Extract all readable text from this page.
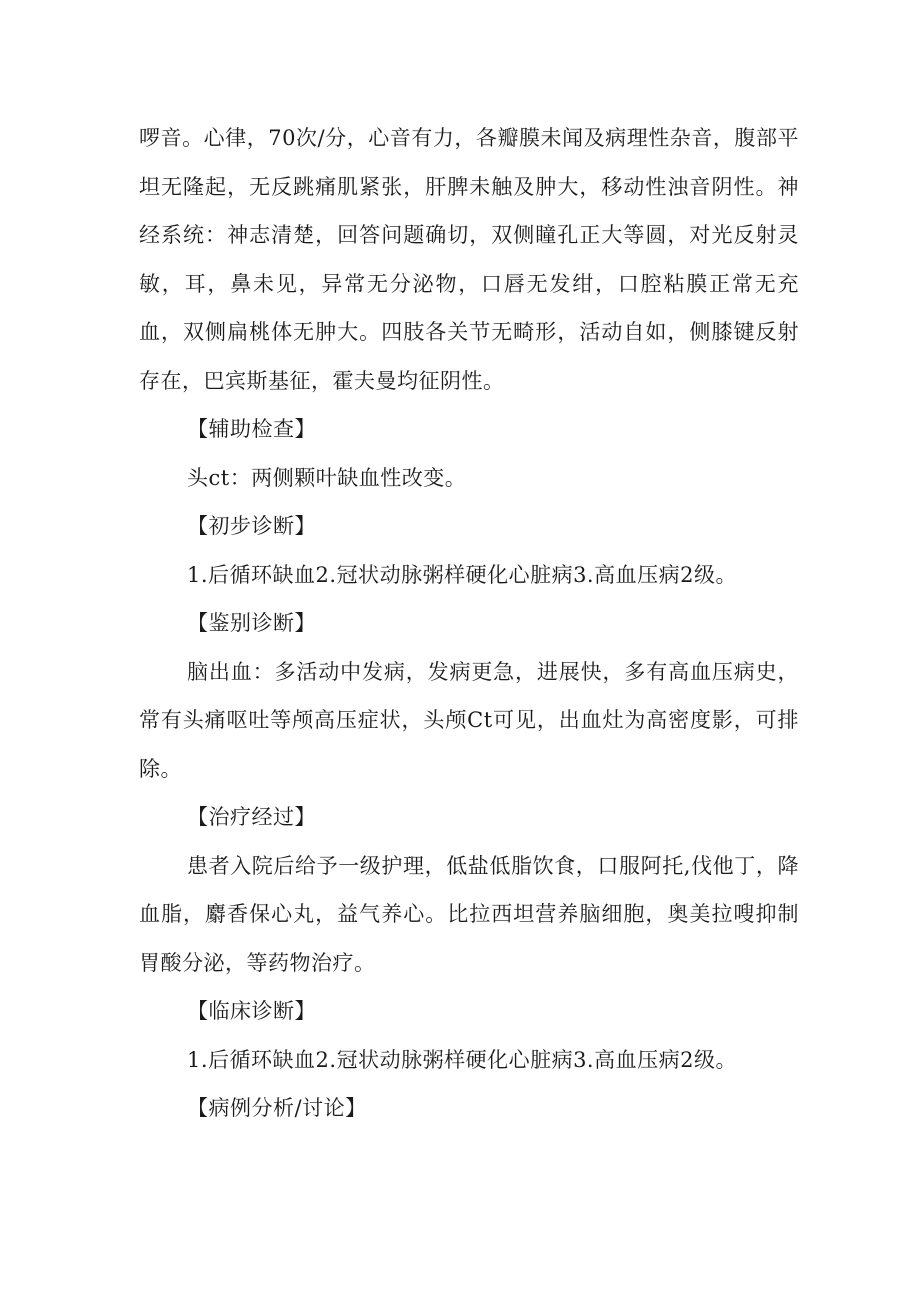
啰音。心律，70次/分，心音有力，各瓣膜未闻及病理性杂音，腹部平坦无隆起，无反跳痛肌紧张，肝脾未触及肿大，移动性浊音阴性。神经系统：神志清楚，回答问题确切，双侧瞳孔正大等圆，对光反射灵敏，耳，鼻未见，异常无分泌物，口唇无发绀，口腔粘膜正常无充血，双侧扁桃体无肿大。四肢各关节无畸形，活动自如，侧膝键反射存在，巴宾斯基征，霍夫曼均征阴性。

【辅助检查】

头ct：两侧颗叶缺血性改变。

【初步诊断】

1.后循环缺血2.冠状动脉粥样硬化心脏病3.高血压病2级。

【鉴别诊断】

脑出血：多活动中发病，发病更急，进展快，多有高血压病史，常有头痛呕吐等颅高压症状，头颅Ct可见，出血灶为高密度影，可排除。

【治疗经过】

患者入院后给予一级护理，低盐低脂饮食，口服阿托,伐他丁，降血脂，麝香保心丸，益气养心。比拉西坦营养脑细胞，奥美拉嗖抑制胃酸分泌，等药物治疗。

【临床诊断】

1.后循环缺血2.冠状动脉粥样硬化心脏病3.高血压病2级。

【病例分析/讨论】
